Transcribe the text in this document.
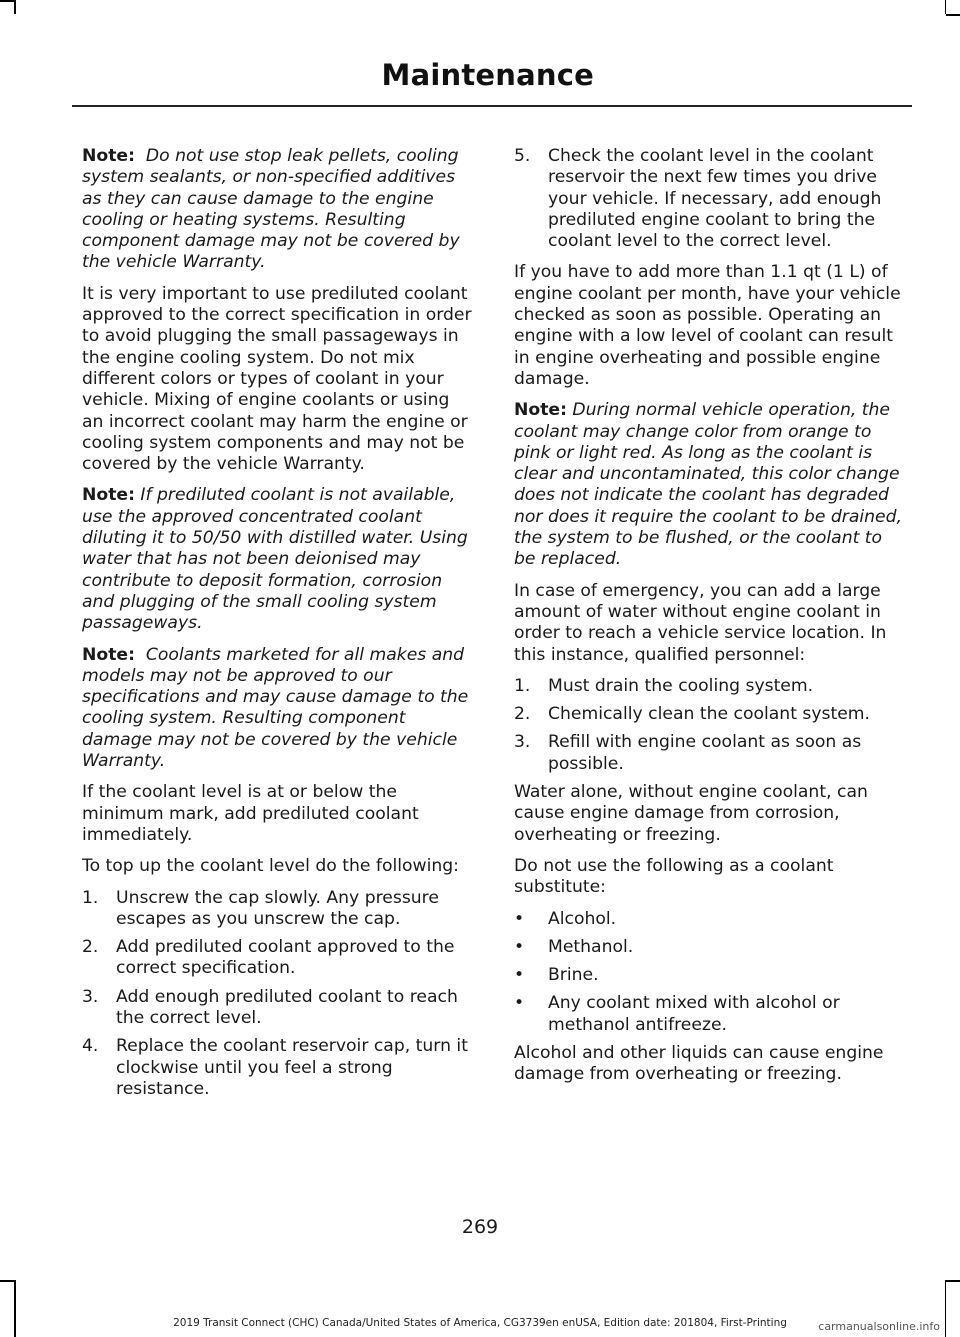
Maintenance

Note: Do not use stop leak pellets, cooling system sealants, or non-specified additives as they can cause damage to the engine cooling or heating systems. Resulting component damage may not be covered by the vehicle Warranty.

It is very important to use prediluted coolant approved to the correct specification in order to avoid plugging the small passageways in the engine cooling system. Do not mix different colors or types of coolant in your vehicle. Mixing of engine coolants or using an incorrect coolant may harm the engine or cooling system components and may not be covered by the vehicle Warranty.

Note: If prediluted coolant is not available, use the approved concentrated coolant diluting it to 50/50 with distilled water. Using water that has not been deionised may contribute to deposit formation, corrosion and plugging of the small cooling system passageways.

Note: Coolants marketed for all makes and models may not be approved to our specifications and may cause damage to the cooling system. Resulting component damage may not be covered by the vehicle Warranty.

If the coolant level is at or below the minimum mark, add prediluted coolant immediately.

To top up the coolant level do the following:

1. Unscrew the cap slowly. Any pressure escapes as you unscrew the cap.
2. Add prediluted coolant approved to the correct specification.
3. Add enough prediluted coolant to reach the correct level.
4. Replace the coolant reservoir cap, turn it clockwise until you feel a strong resistance.
5. Check the coolant level in the coolant reservoir the next few times you drive your vehicle. If necessary, add enough prediluted engine coolant to bring the coolant level to the correct level.

If you have to add more than 1.1 qt (1 L) of engine coolant per month, have your vehicle checked as soon as possible. Operating an engine with a low level of coolant can result in engine overheating and possible engine damage.

Note: During normal vehicle operation, the coolant may change color from orange to pink or light red. As long as the coolant is clear and uncontaminated, this color change does not indicate the coolant has degraded nor does it require the coolant to be drained, the system to be flushed, or the coolant to be replaced.

In case of emergency, you can add a large amount of water without engine coolant in order to reach a vehicle service location. In this instance, qualified personnel:

1. Must drain the cooling system.
2. Chemically clean the coolant system.
3. Refill with engine coolant as soon as possible.

Water alone, without engine coolant, can cause engine damage from corrosion, overheating or freezing.

Do not use the following as a coolant substitute:

• Alcohol.
• Methanol.
• Brine.
• Any coolant mixed with alcohol or methanol antifreeze.

Alcohol and other liquids can cause engine damage from overheating or freezing.

269
2019 Transit Connect (CHC) Canada/United States of America, CG3739en enUSA, Edition date: 201804, First-Printing	carmanualsonline.info
